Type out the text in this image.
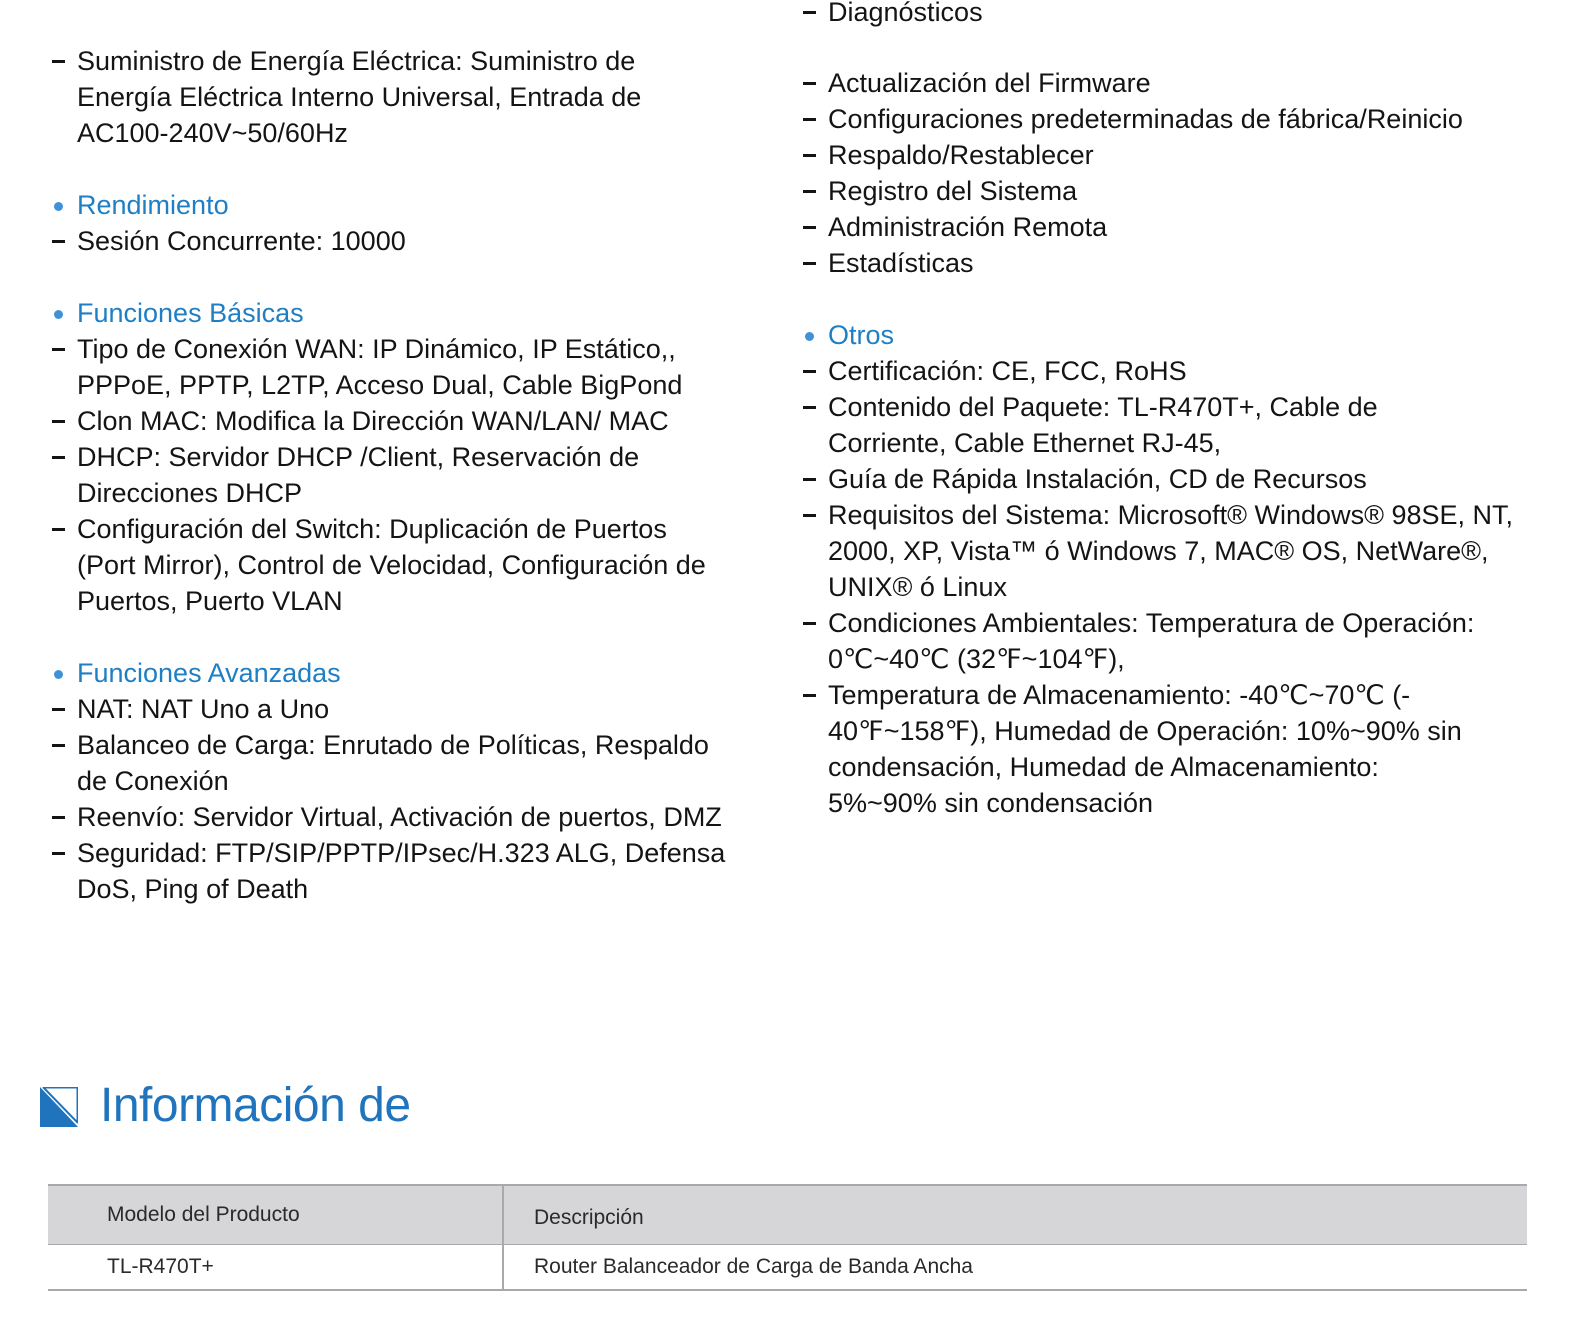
Suministro de Energía Eléctrica: Suministro de
Energía Eléctrica Interno Universal, Entrada de
AC100-240V~50/60Hz
Rendimiento
Sesión Concurrente: 10000
Funciones Básicas
Tipo de Conexión WAN: IP Dinámico, IP Estático,,
PPPoE, PPTP, L2TP, Acceso Dual, Cable BigPond
Clon MAC: Modifica la Dirección WAN/LAN/ MAC
DHCP: Servidor DHCP /Client, Reservación de
Direcciones DHCP
Configuración del Switch: Duplicación de Puertos
(Port Mirror), Control de Velocidad, Configuración de
Puertos, Puerto VLAN
Funciones Avanzadas
NAT: NAT Uno a Uno
Balanceo de Carga: Enrutado de Políticas, Respaldo
de Conexión
Reenvío: Servidor Virtual, Activación de puertos, DMZ
Seguridad: FTP/SIP/PPTP/IPsec/H.323 ALG, Defensa
DoS, Ping of Death
Diagnósticos
Actualización del Firmware
Configuraciones predeterminadas de fábrica/Reinicio
Respaldo/Restablecer
Registro del Sistema
Administración Remota
Estadísticas
Otros
Certificación: CE, FCC, RoHS
Contenido del Paquete: TL-R470T+, Cable de
Corriente, Cable Ethernet RJ-45,
Guía de Rápida Instalación, CD de Recursos
Requisitos del Sistema: Microsoft® Windows® 98SE, NT,
2000, XP, Vista™ ó Windows 7, MAC® OS, NetWare®,
UNIX® ó Linux
Condiciones Ambientales: Temperatura de Operación:
0℃~40℃ (32℉~104℉),
Temperatura de Almacenamiento: -40℃~70℃ (-
40℉~158℉), Humedad de Operación: 10%~90% sin
condensación, Humedad de Almacenamiento:
5%~90% sin condensación
Información de
Modelo del Producto	Descripción
TL-R470T+	Router Balanceador de Carga de Banda Ancha
